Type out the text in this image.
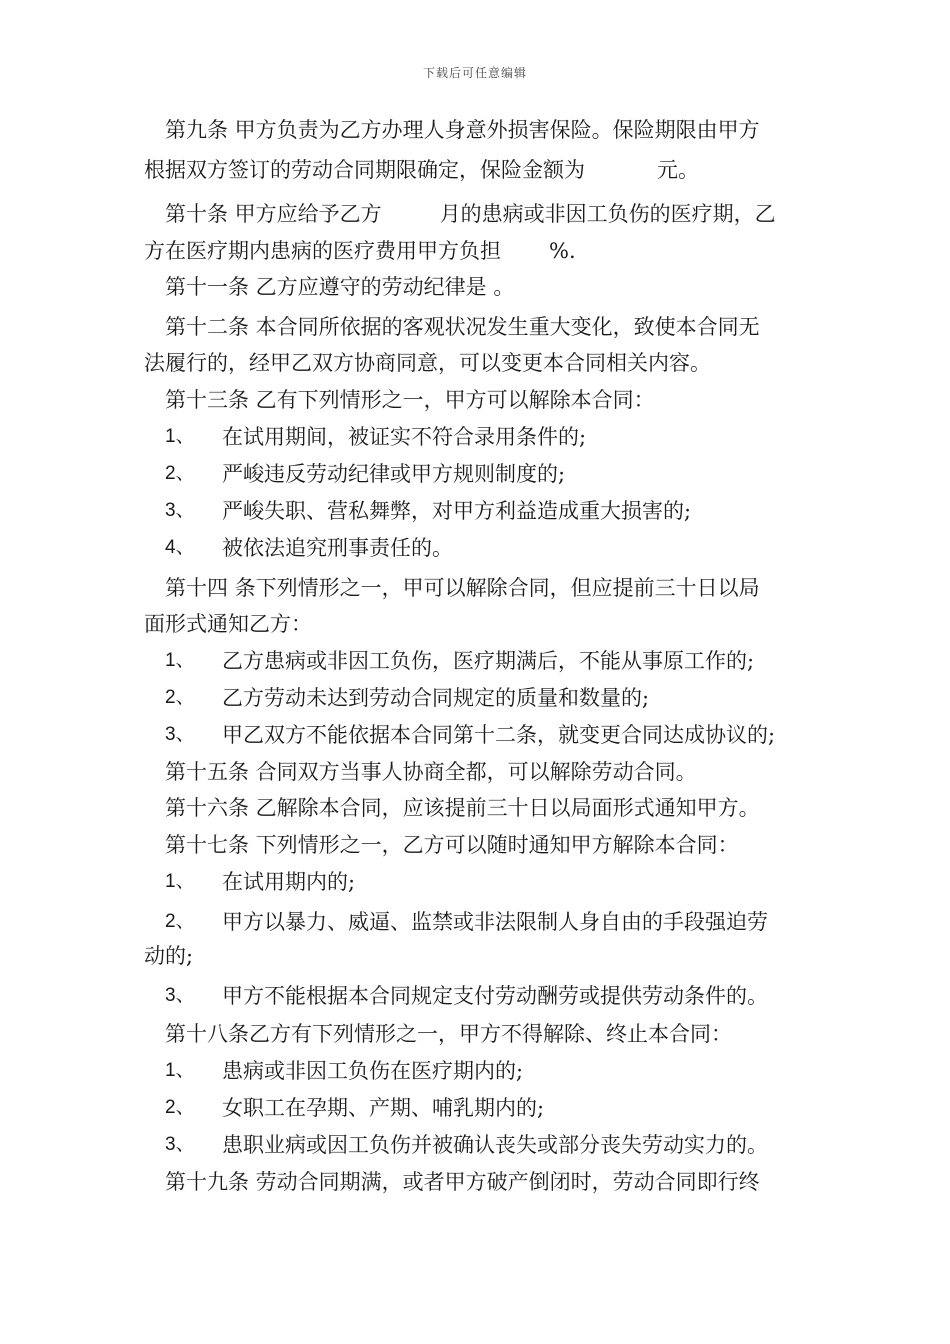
下载后可任意编辑
第九条 甲方负责为乙方办理人身意外损害保险。保险期限由甲方
根据双方签订的劳动合同期限确定，保险金额为	元。
第十条 甲方应给予乙方	月的患病或非因工负伤的医疗期，乙
方在医疗期内患病的医疗费用甲方负担 %.
第十一条 乙方应遵守的劳动纪律是 。
第十二条 本合同所依据的客观状况发生重大变化，致使本合同无
法履行的，经甲乙双方协商同意，可以变更本合同相关内容。
第十三条 乙有下列情形之一，甲方可以解除本合同：
1、 在试用期间，被证实不符合录用条件的;
2、 严峻违反劳动纪律或甲方规则制度的;
3、 严峻失职、营私舞弊，对甲方利益造成重大损害的;
4、 被依法追究刑事责任的。
第十四 条下列情形之一，甲可以解除合同，但应提前三十日以局
面形式通知乙方：
1、 乙方患病或非因工负伤，医疗期满后，不能从事原工作的;
2、 乙方劳动未达到劳动合同规定的质量和数量的;
3、 甲乙双方不能依据本合同第十二条，就变更合同达成协议的;
第十五条 合同双方当事人协商全都，可以解除劳动合同。
第十六条 乙解除本合同，应该提前三十日以局面形式通知甲方。
第十七条 下列情形之一，乙方可以随时通知甲方解除本合同：
1、 在试用期内的;
2、 甲方以暴力、威逼、监禁或非法限制人身自由的手段强迫劳
动的;
3、 甲方不能根据本合同规定支付劳动酬劳或提供劳动条件的。
第十八条乙方有下列情形之一，甲方不得解除、终止本合同：
1、 患病或非因工负伤在医疗期内的;
2、 女职工在孕期、产期、哺乳期内的;
3、 患职业病或因工负伤并被确认丧失或部分丧失劳动实力的。
第十九条 劳动合同期满，或者甲方破产倒闭时，劳动合同即行终
